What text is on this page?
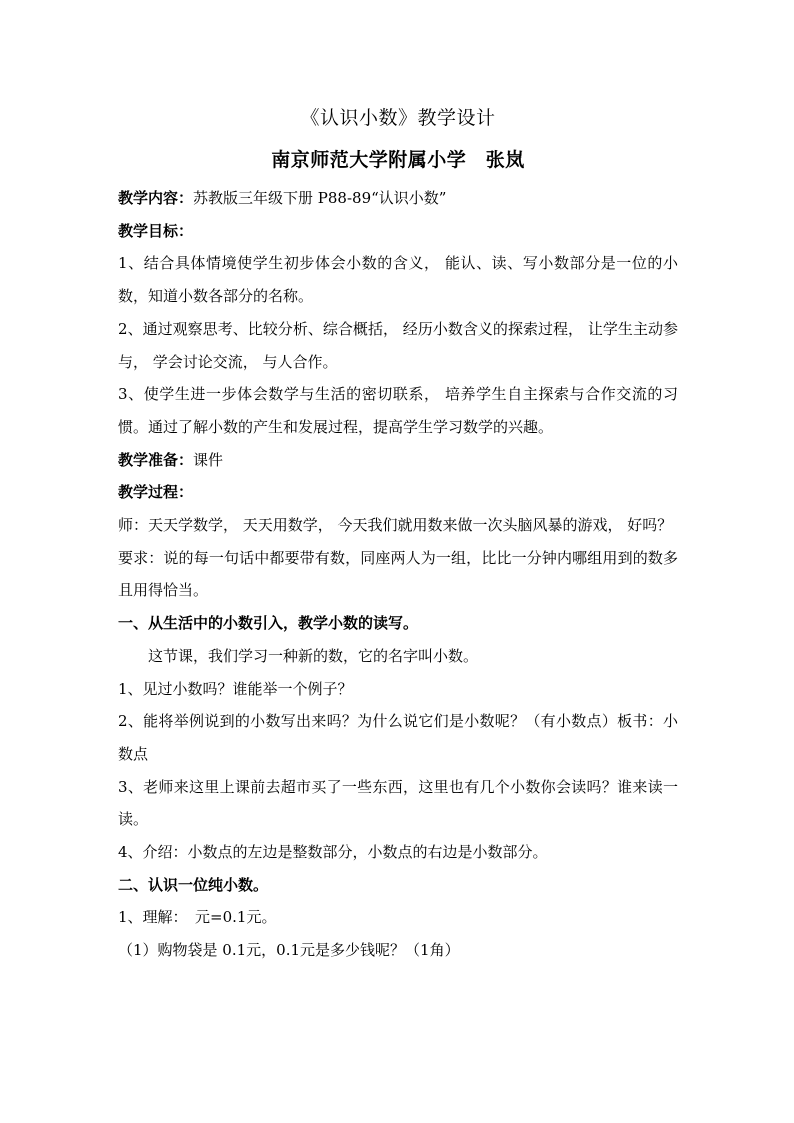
《认识小数》教学设计
南京师范大学附属小学　张岚

教学内容：苏教版三年级下册 P88-89“认识小数”

教学目标：

1、结合具体情境使学生初步体会小数的含义， 能认、读、写小数部分是一位的小数，知道小数各部分的名称。

2、通过观察思考、比较分析、综合概括， 经历小数含义的探索过程， 让学生主动参与， 学会讨论交流， 与人合作。

3、使学生进一步体会数学与生活的密切联系， 培养学生自主探索与合作交流的习惯。通过了解小数的产生和发展过程，提高学生学习数学的兴趣。

教学准备：课件

教学过程：

师：天天学数学， 天天用数学， 今天我们就用数来做一次头脑风暴的游戏， 好吗？

要求：说的每一句话中都要带有数，同座两人为一组，比比一分钟内哪组用到的数多且用得恰当。

一、从生活中的小数引入，教学小数的读写。

这节课，我们学习一种新的数，它的名字叫小数。

1、见过小数吗？谁能举一个例子？

2、能将举例说到的小数写出来吗？为什么说它们是小数呢？（有小数点）板书：小数点

3、老师来这里上课前去超市买了一些东西，这里也有几个小数你会读吗？谁来读一读。

4、介绍：小数点的左边是整数部分，小数点的右边是小数部分。

二、认识一位纯小数。

1、理解：　元=0.1元。

（1）购物袋是 0.1元，0.1元是多少钱呢？（1角）
